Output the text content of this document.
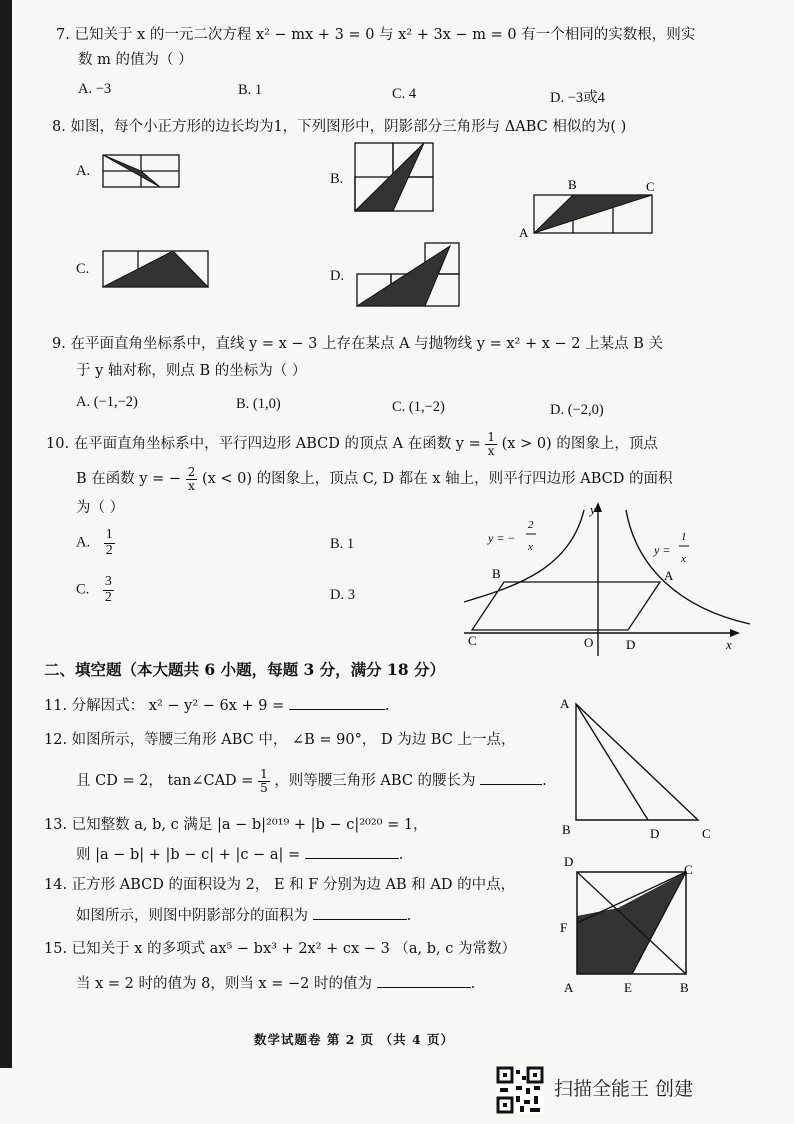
7. 已知关于 x 的一元二次方程 x² − mx + 3 = 0 与 x² + 3x − m = 0 有一个相同的实数根，则实
数 m 的值为（ ）
A. −3	B. 1	C. 4	D. −3或4
8. 如图，每个小正方形的边长均为1，下列图形中，阴影部分三角形与 ΔABC 相似的为( )
A.	B.	B	C
A
C.	D.
9. 在平面直角坐标系中，直线 y = x − 3 上存在某点 A 与抛物线 y = x² + x − 2 上某点 B 关
于 y 轴对称，则点 B 的坐标为（ ）
A. (−1,−2)	B. (1,0)	C. (1,−2)	D. (−2,0)
10. 在平面直角坐标系中，平行四边形 ABCD 的顶点 A 在函数 $y = \frac{1}{x} (x > 0)$ 的图象上，顶点
B 在函数 y = − $\frac{2}{x} (x < 0)$ 的图象上，顶点 C, D 都在 x 轴上，则平行四边形 ABCD 的面积
为（ ）
A. $\frac{1}{2}$	B. 1
C. $\frac{3}{2}$	D. 3
y
x
O
B	A
C	D
y = −
2
x	y =
1
x
二、填空题（本大题共 6 小题，每题 3 分，满分 18 分）
11. 分解因式： x² − y² − 6x + 9 =	.
12. 如图所示，等腰三角形 ABC 中， ∠B = 90°， D 为边 BC 上一点，
且 CD = 2， tan∠CAD = $\frac{1}{5}$ ，则等腰三角形 ABC 的腰长为	.
A
B	D	C
13. 已知整数 a, b, c 满足 |a − b|²⁰¹⁹ + |b − c|²⁰²⁰ = 1，
则 |a − b| + |b − c| + |c − a| =	.
14. 正方形 ABCD 的面积设为 2， E 和 F 分别为边 AB 和 AD 的中点，
如图所示，则图中阴影部分的面积为	.
D
C
F
A	E	B
15. 已知关于 x 的多项式 ax⁵ − bx³ + 2x² + cx − 3 （a, b, c 为常数）
当 x = 2 时的值为 8，则当 x = −2 时的值为	.
数学试题卷 第 2 页 （共 4 页）
扫描全能王 创建
